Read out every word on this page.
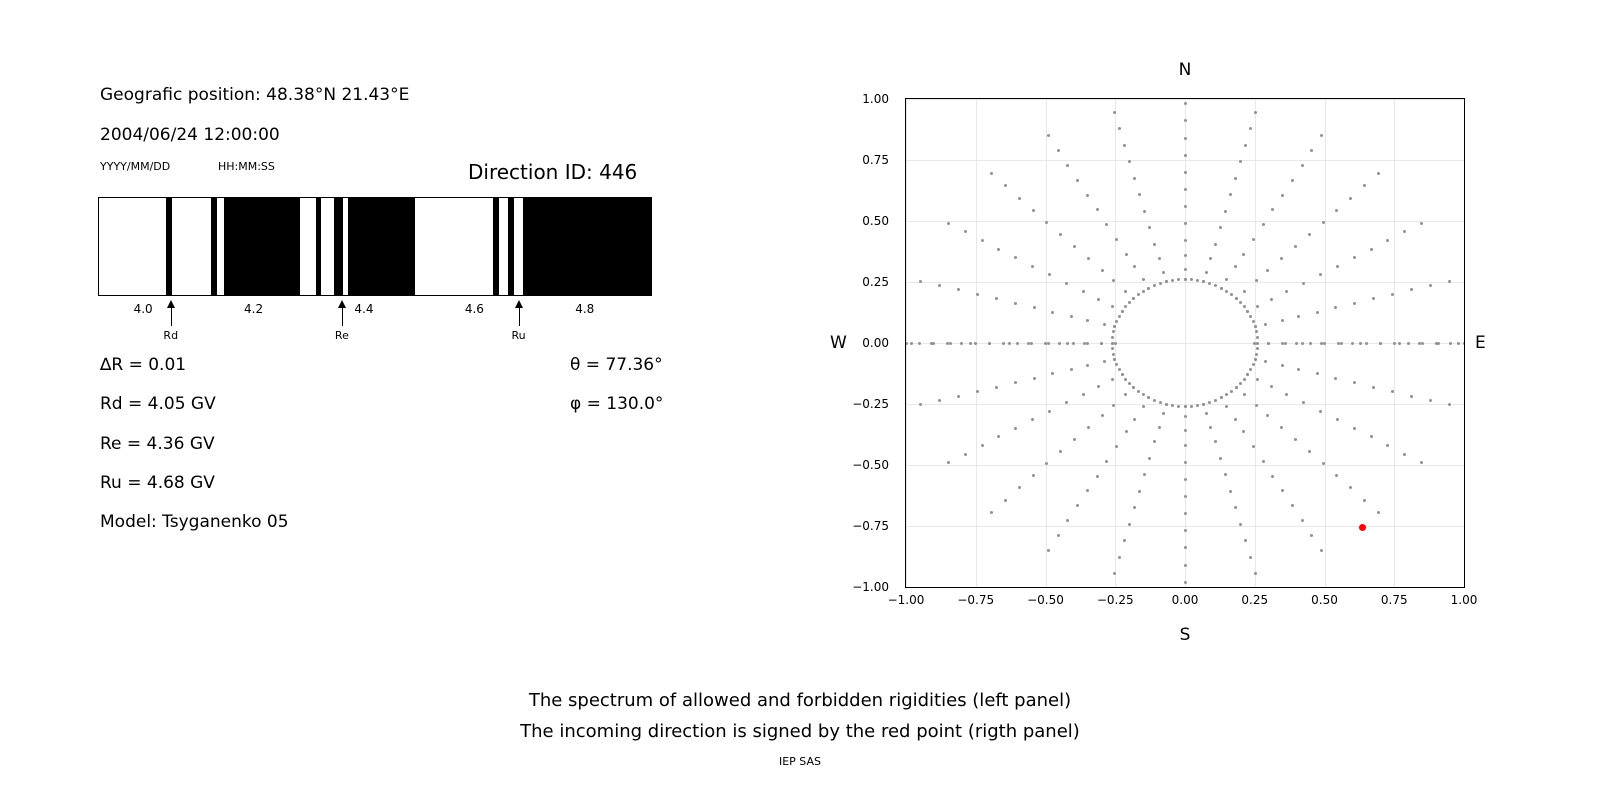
Geografic position: 48.38°N 21.43°E
2004/06/24 12:00:00
YYYY/MM/DD	HH:MM:SS	Direction ID: 446
4.0	4.2	4.4	4.6	4.8
∆R = 0.01
Rd = 4.05 GV
Re = 4.36 GV
Ru = 4.68 GV
Model: Tsyganenko 05
θ = 77.36°
φ = 130.0°
Rd	Re	Ru
−1.00
−0.75
−0.50
−0.25
0.00
0.25
0.50
0.75
1.00
−1.00	−0.75	−0.50	−0.25	0.00	0.25	0.50	0.75	1.00
N
S
W	E
The spectrum of allowed and forbidden rigidities (left panel)
The incoming direction is signed by the red point (rigth panel)
IEP SAS
